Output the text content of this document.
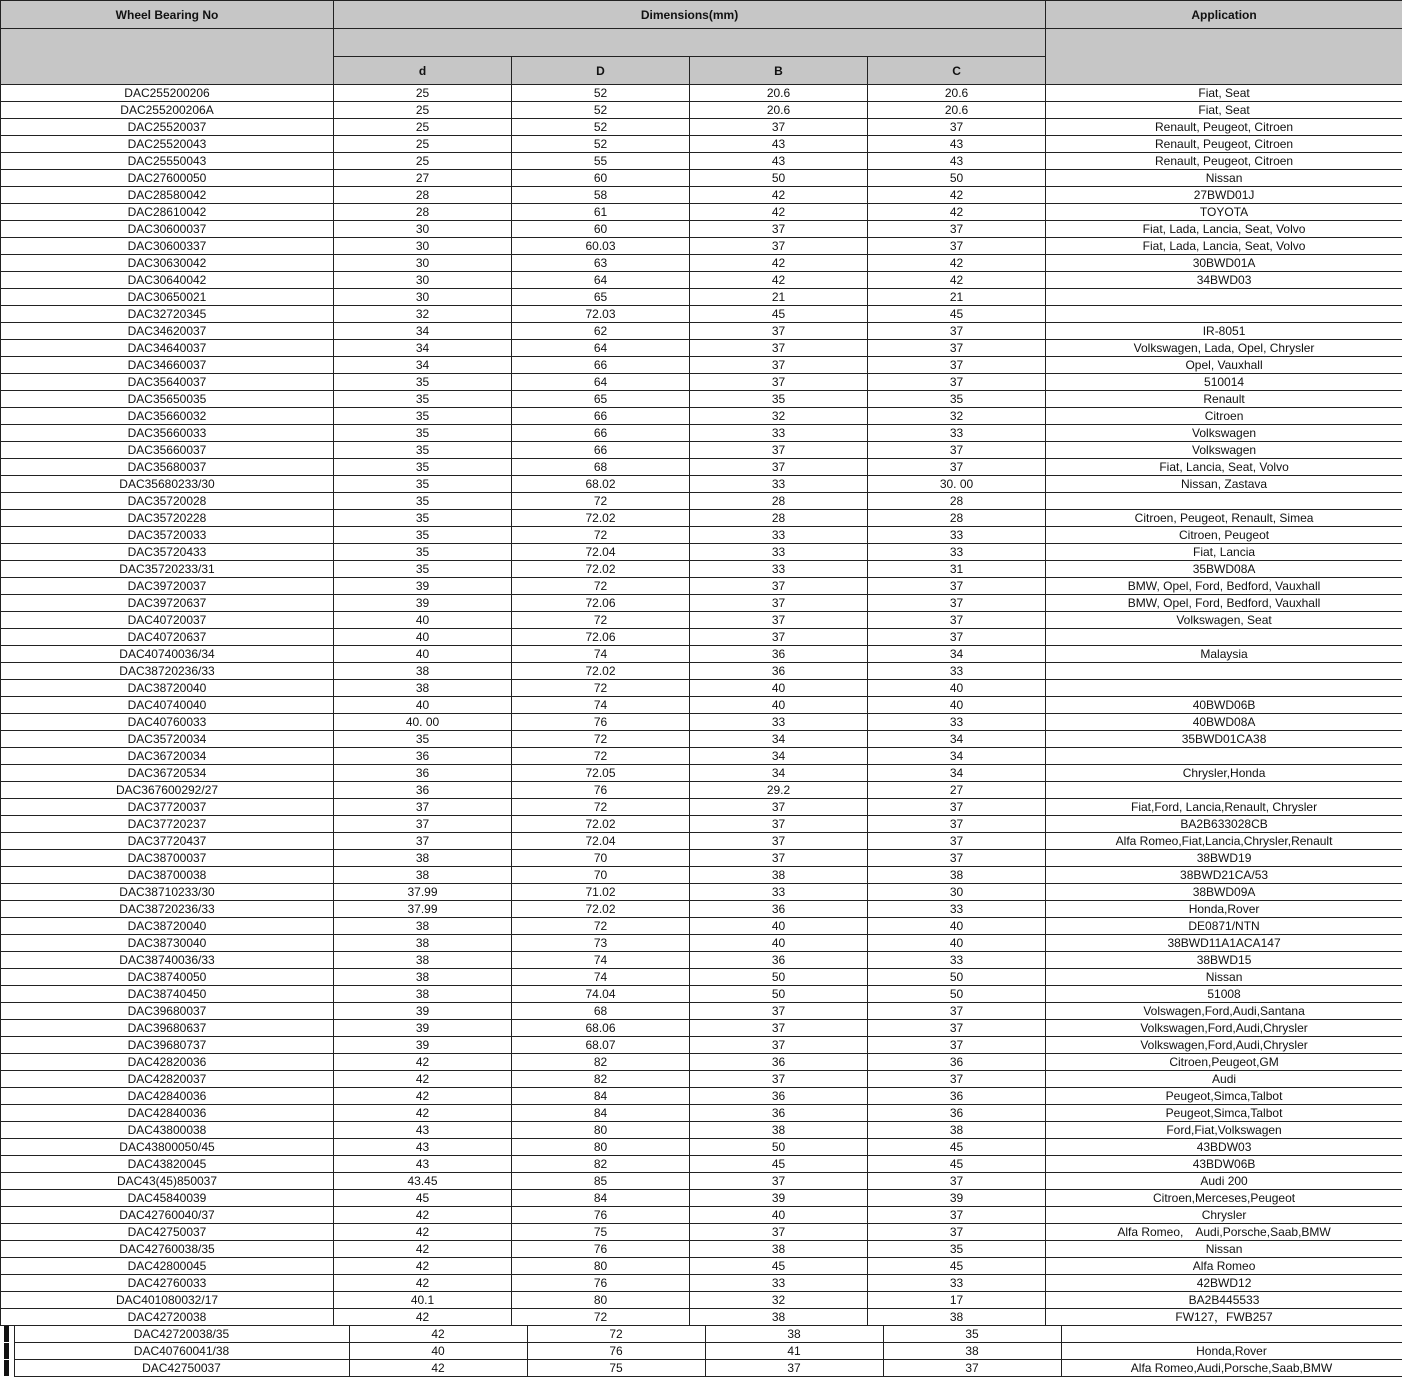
Wheel Bearing No	Dimensions(mm)				Application

	d	D	B	C	
DAC255200206	25	52	20.6	20.6	Fiat, Seat
DAC255200206A	25	52	20.6	20.6	Fiat, Seat
DAC25520037	25	52	37	37	Renault, Peugeot, Citroen
DAC25520043	25	52	43	43	Renault, Peugeot, Citroen
DAC25550043	25	55	43	43	Renault, Peugeot, Citroen
DAC27600050	27	60	50	50	Nissan
DAC28580042	28	58	42	42	27BWD01J
DAC28610042	28	61	42	42	TOYOTA
DAC30600037	30	60	37	37	Fiat, Lada, Lancia, Seat, Volvo
DAC30600337	30	60.03	37	37	Fiat, Lada, Lancia, Seat, Volvo
DAC30630042	30	63	42	42	30BWD01A
DAC30640042	30	64	42	42	34BWD03
DAC30650021	30	65	21	21	
DAC32720345	32	72.03	45	45	
DAC34620037	34	62	37	37	IR-8051
DAC34640037	34	64	37	37	Volkswagen, Lada, Opel, Chrysler
DAC34660037	34	66	37	37	Opel, Vauxhall
DAC35640037	35	64	37	37	510014
DAC35650035	35	65	35	35	Renault
DAC35660032	35	66	32	32	Citroen
DAC35660033	35	66	33	33	Volkswagen
DAC35660037	35	66	37	37	Volkswagen
DAC35680037	35	68	37	37	Fiat, Lancia, Seat, Volvo
DAC35680233/30	35	68.02	33	30. 00	Nissan, Zastava
DAC35720028	35	72	28	28	
DAC35720228	35	72.02	28	28	Citroen, Peugeot, Renault, Simea
DAC35720033	35	72	33	33	Citroen, Peugeot
DAC35720433	35	72.04	33	33	Fiat, Lancia
DAC35720233/31	35	72.02	33	31	35BWD08A
DAC39720037	39	72	37	37	BMW, Opel, Ford, Bedford, Vauxhall
DAC39720637	39	72.06	37	37	BMW, Opel, Ford, Bedford, Vauxhall
DAC40720037	40	72	37	37	Volkswagen, Seat
DAC40720637	40	72.06	37	37	
DAC40740036/34	40	74	36	34	Malaysia
DAC38720236/33	38	72.02	36	33	
DAC38720040	38	72	40	40	
DAC40740040	40	74	40	40	40BWD06B
DAC40760033	40. 00	76	33	33	40BWD08A
DAC35720034	35	72	34	34	35BWD01CA38
DAC36720034	36	72	34	34	
DAC36720534	36	72.05	34	34	Chrysler,Honda
DAC367600292/27	36	76	29.2	27	
DAC37720037	37	72	37	37	Fiat,Ford, Lancia,Renault, Chrysler
DAC37720237	37	72.02	37	37	BA2B633028CB
DAC37720437	37	72.04	37	37	Alfa Romeo,Fiat,Lancia,Chrysler,Renault
DAC38700037	38	70	37	37	38BWD19
DAC38700038	38	70	38	38	38BWD21CA/53
DAC38710233/30	37.99	71.02	33	30	38BWD09A
DAC38720236/33	37.99	72.02	36	33	Honda,Rover
DAC38720040	38	72	40	40	DE0871/NTN
DAC38730040	38	73	40	40	38BWD11A1ACA147
DAC38740036/33	38	74	36	33	38BWD15
DAC38740050	38	74	50	50	Nissan
DAC38740450	38	74.04	50	50	51008
DAC39680037	39	68	37	37	Volswagen,Ford,Audi,Santana
DAC39680637	39	68.06	37	37	Volkswagen,Ford,Audi,Chrysler
DAC39680737	39	68.07	37	37	Volkswagen,Ford,Audi,Chrysler
DAC42820036	42	82	36	36	Citroen,Peugeot,GM
DAC42820037	42	82	37	37	Audi
DAC42840036	42	84	36	36	Peugeot,Simca,Talbot
DAC42840036	42	84	36	36	Peugeot,Simca,Talbot
DAC43800038	43	80	38	38	Ford,Fiat,Volkswagen
DAC43800050/45	43	80	50	45	43BDW03
DAC43820045	43	82	45	45	43BDW06B
DAC43(45)850037	43.45	85	37	37	Audi 200
DAC45840039	45	84	39	39	Citroen,Merceses,Peugeot
DAC42760040/37	42	76	40	37	Chrysler
DAC42750037	42	75	37	37	Alfa Romeo,　Audi,Porsche,Saab,BMW
DAC42760038/35	42	76	38	35	Nissan
DAC42800045	42	80	45	45	Alfa Romeo
DAC42760033	42	76	33	33	42BWD12
DAC401080032/17	40.1	80	32	17	BA2B445533
DAC42720038	42	72	38	38	FW127，FWB257
	DAC42720038/35	42	72	38	35	
	DAC40760041/38	40	76	41	38	Honda,Rover
	DAC42750037	42	75	37	37	Alfa Romeo,Audi,Porsche,Saab,BMW
